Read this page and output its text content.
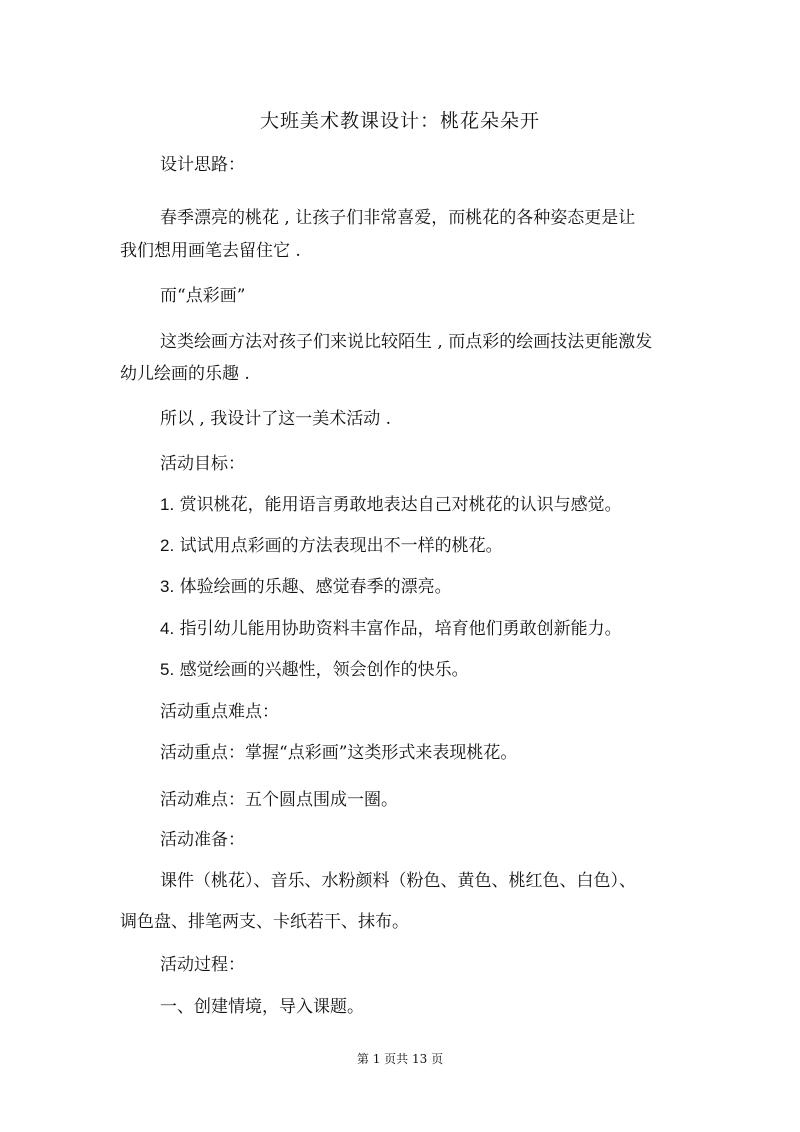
大班美术教课设计：桃花朵朵开
设计思路：
春季漂亮的桃花 , 让孩子们非常喜爱，而桃花的各种姿态更是让
我们想用画笔去留住它 .
而“点彩画”
这类绘画方法对孩子们来说比较陌生 , 而点彩的绘画技法更能激发
幼儿绘画的乐趣 .
所以 , 我设计了这一美术活动 .
活动目标：
1. 赏识桃花，能用语言勇敢地表达自己对桃花的认识与感觉。
2. 试试用点彩画的方法表现出不一样的桃花。
3. 体验绘画的乐趣、感觉春季的漂亮。
4. 指引幼儿能用协助资料丰富作品，培育他们勇敢创新能力。
5. 感觉绘画的兴趣性，领会创作的快乐。
活动重点难点：
活动重点：掌握“点彩画”这类形式来表现桃花。
活动难点：五个圆点围成一圈。
活动准备：
课件（桃花）、音乐、水粉颜料（粉色、黄色、桃红色、白色）、
调色盘、排笔两支、卡纸若干、抹布。
活动过程：
一、创建情境，导入课题。
第 1 页共 13 页
